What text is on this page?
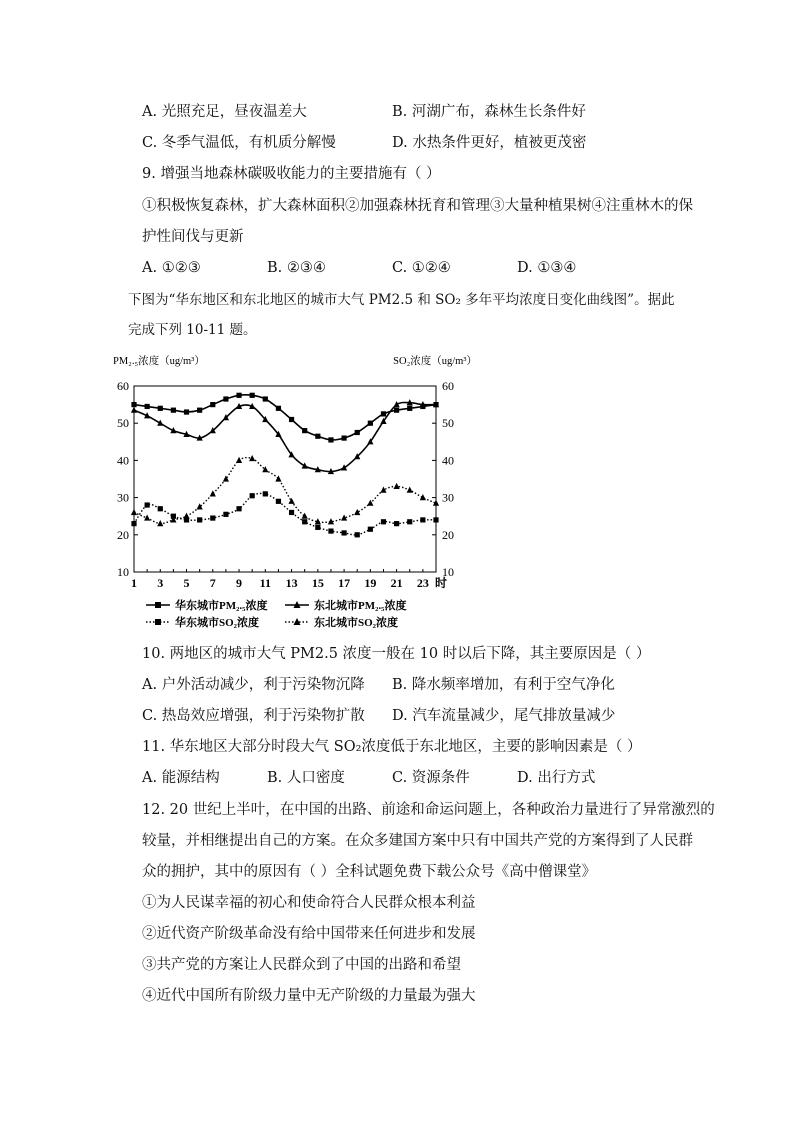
A. 光照充足，昼夜温差大	B. 河湖广布，森林生长条件好
C. 冬季气温低，有机质分解慢	D. 水热条件更好，植被更茂密
9. 增强当地森林碳吸收能力的主要措施有（ ）
①积极恢复森林，扩大森林面积②加强森林抚育和管理③大量种植果树④注重林木的保
护性间伐与更新
A. ①②③	B. ②③④	C. ①②④	D. ①③④
下图为“华东地区和东北地区的城市大气 PM2.5 和 SO₂ 多年平均浓度日变化曲线图”。据此
完成下列 10-11 题。
PM₂.₅浓度（ug/m³）	SO₂浓度（ug/m³）
60	60
50	50
40	40
30	30
20	20
10	10
1 3 5 7 9 11 13 15 17 19 21 23 时
华东城市PM₂.₅浓度	东北城市PM₂.₅浓度
华东城市SO₂浓度	东北城市SO₂浓度
10. 两地区的城市大气 PM2.5 浓度一般在 10 时以后下降，其主要原因是（ ）
A. 户外活动减少，利于污染物沉降 B. 降水频率增加，有利于空气净化
C. 热岛效应增强，利于污染物扩散 D. 汽车流量减少，尾气排放量减少
11. 华东地区大部分时段大气 SO₂浓度低于东北地区，主要的影响因素是（ ）
A. 能源结构	B. 人口密度	C. 资源条件	D. 出行方式
12. 20 世纪上半叶，在中国的出路、前途和命运问题上，各种政治力量进行了异常激烈的
较量，并相继提出自己的方案。在众多建国方案中只有中国共产党的方案得到了人民群
众的拥护，其中的原因有（ ）全科试题免费下载公众号《高中僧课堂》
①为人民谋幸福的初心和使命符合人民群众根本利益
②近代资产阶级革命没有给中国带来任何进步和发展
③共产党的方案让人民群众到了中国的出路和希望
④近代中国所有阶级力量中无产阶级的力量最为强大
